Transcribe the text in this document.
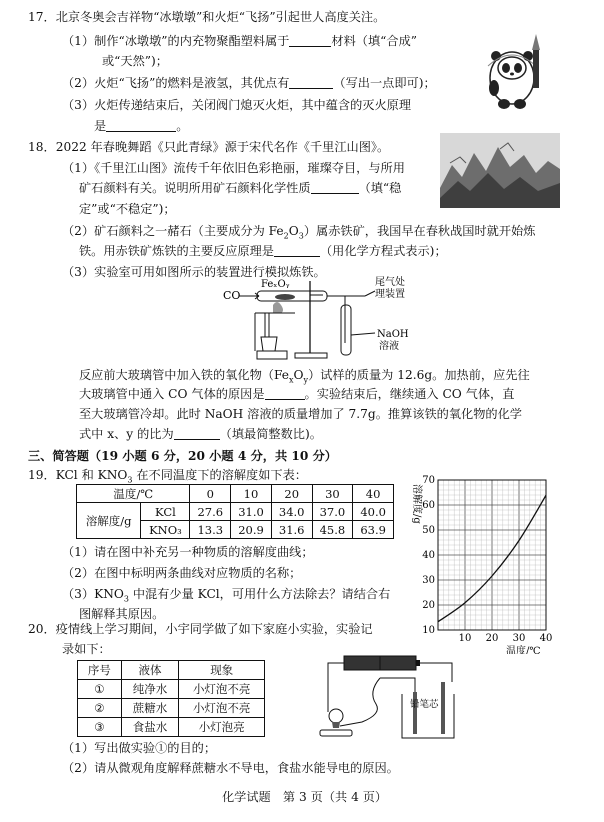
17．北京冬奥会吉祥物“冰墩墩”和火炬“飞扬”引起世人高度关注。
（1）制作“冰墩墩”的内充物聚酯塑料属于	材料（填“合成”
或“天然”)；
（2）火炬“飞扬”的燃料是液氢，其优点有	（写出一点即可)；
（3）火炬传递结束后，关闭阀门熄灭火炬，其中蕴含的灭火原理
是	。
18．2022 年春晚舞蹈《只此青绿》源于宋代名作《千里江山图》。
（1）《千里江山图》流传千年依旧色彩艳丽，璀璨夺目，与所用
矿石颜料有关。说明所用矿石颜料化学性质	（填“稳
定”或“不稳定”)；
（2）矿石颜料之一赭石（主要成分为 $Fe_2O_3$）属赤铁矿，我国早在春秋战国时就开始炼
铁。用赤铁矿炼铁的主要反应原理是	（用化学方程式表示)；
（3）实验室可用如图所示的装置进行模拟炼铁。
CO
FeₓOᵧ	尾气处
理装置
NaOH
溶液
反应前大玻璃管中加入铁的氧化物$(Fe_xO_y)$试样的质量为 12.6g。加热前，应先往
大玻璃管中通入 CO 气体的原因是	。实验结束后，继续通入 CO 气体，直
至大玻璃管冷却。此时 NaOH 溶液的质量增加了 7.7g。推算该铁的氧化物的化学
式中 x、y 的比为	（填最简整数比)。
三、简答题（19 小题 6 分，20 小题 4 分，共 10 分）
19．KCl 和 $KNO_3$ 在不同温度下的溶解度如下表：
温度/℃		0	10	20	30	40
溶解度/g	KCl	27.6	31.0	34.0	37.0	40.0
	KNO₃	13.3	20.9	31.6	45.8	63.9
（1）请在图中补充另一种物质的溶解度曲线；
（2）在图中标明两条曲线对应物质的名称；
$(3)KNO_3$ 中混有少量 KCl，可用什么方法除去？请结合右
图解释其原因。
10
20
30
40
50
60
70
10 20 30 40
溶解度/g
温度/℃
20．疫情线上学习期间，小宇同学做了如下家庭小实验，实验记
录如下：
序号	液体	现象
①	纯净水	小灯泡不亮
②	蔗糖水	小灯泡不亮
③	食盐水	小灯泡亮
铅笔芯
（1）写出做实验①的目的；
（2）请从微观角度解释蔗糖水不导电，食盐水能导电的原因。
化学试题　第 3 页（共 4 页）
